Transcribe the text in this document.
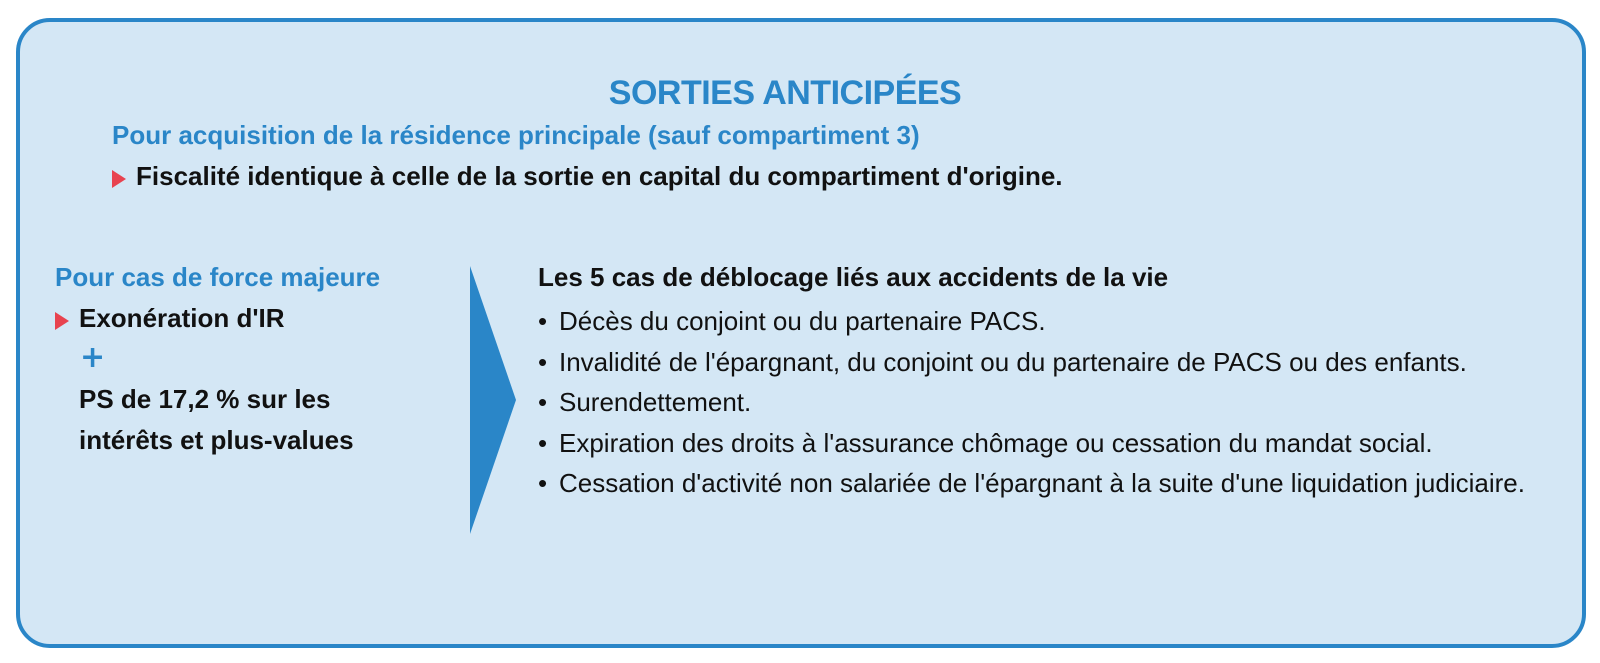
SORTIES ANTICIPÉES
Pour acquisition de la résidence principale (sauf compartiment 3)
Fiscalité identique à celle de la sortie en capital du compartiment d'origine.
Pour cas de force majeure
Exonération d'IR
+
PS de 17,2 % sur les
intérêts et plus-values
Les 5 cas de déblocage liés aux accidents de la vie
• Décès du conjoint ou du partenaire PACS.
• Invalidité de l'épargnant, du conjoint ou du partenaire de PACS ou des enfants.
• Surendettement.
• Expiration des droits à l'assurance chômage ou cessation du mandat social.
• Cessation d'activité non salariée de l'épargnant à la suite d'une liquidation judiciaire.
